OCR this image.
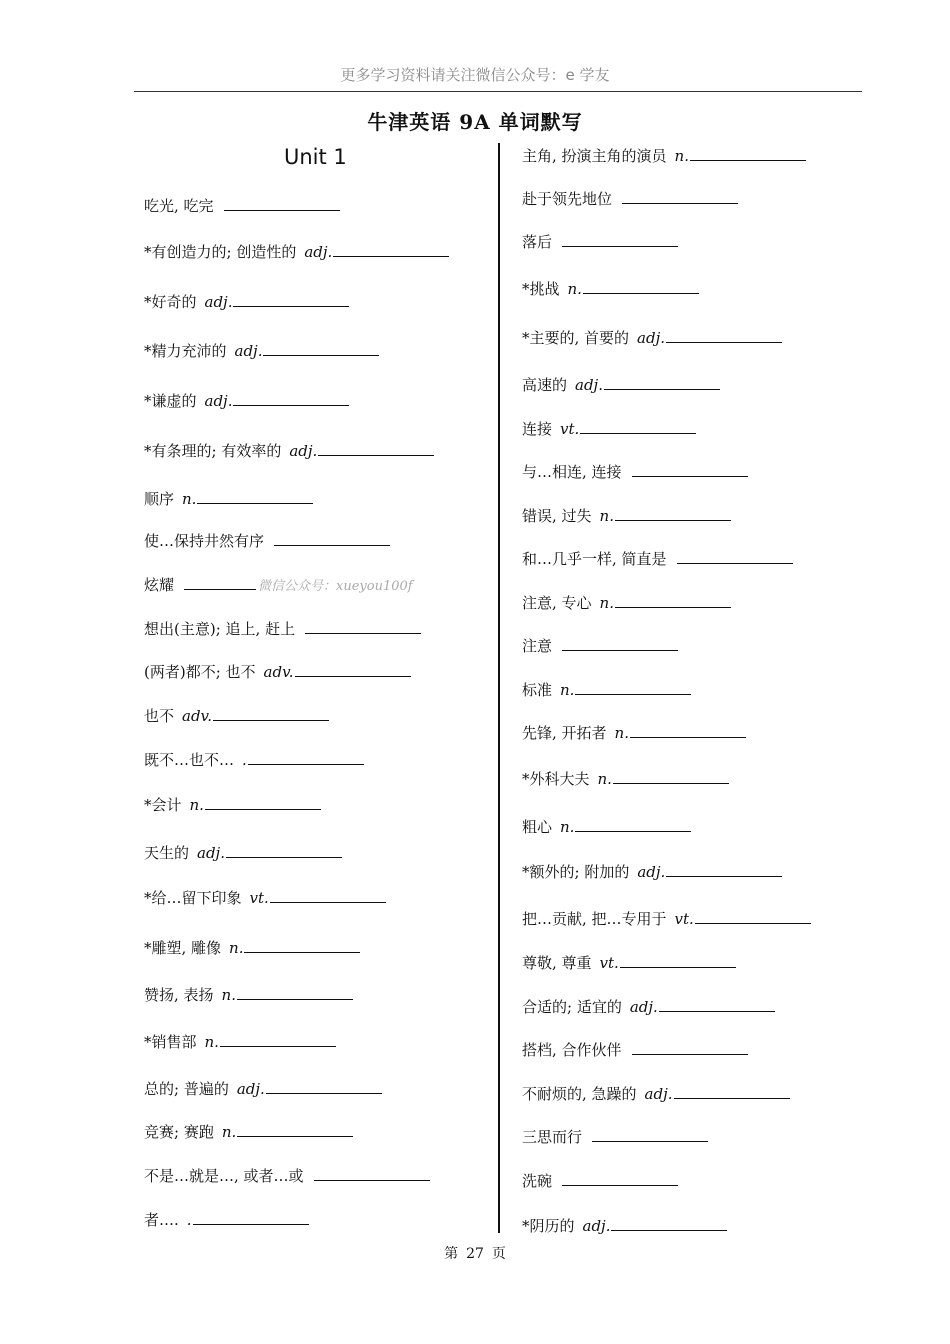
更多学习资料请关注微信公众号：e 学友
牛津英语 9A 单词默写
Unit 1
吃光, 吃完
*有创造力的; 创造性的 adj.
*好奇的 adj.
*精力充沛的 adj.
*谦虚的 adj.
*有条理的; 有效率的 adj.
顺序 n.
使…保持井然有序
炫耀	微信公众号：xueyou100f
想出(主意); 追上, 赶上
(两者)都不; 也不 adv.
也不 adv.
既不…也不… .
*会计 n.
天生的 adj.
*给…留下印象 vt.
*雕塑, 雕像 n.
赞扬, 表扬 n.
*销售部 n.
总的; 普遍的 adj.
竞赛; 赛跑 n.
不是…就是…, 或者…或
者…. .
主角, 扮演主角的演员 n.
赴于领先地位
落后
*挑战 n.
*主要的, 首要的 adj.
高速的 adj.
连接 vt.
与…相连, 连接
错误, 过失 n.
和…几乎一样, 简直是
注意, 专心 n.
注意
标准 n.
先锋, 开拓者 n.
*外科大夫 n.
粗心 n.
*额外的; 附加的 adj.
把…贡献, 把…专用于 vt.
尊敬, 尊重 vt.
合适的; 适宜的 adj.
搭档, 合作伙伴
不耐烦的, 急躁的 adj.
三思而行
洗碗
*阴历的 adj.
第 27 页
